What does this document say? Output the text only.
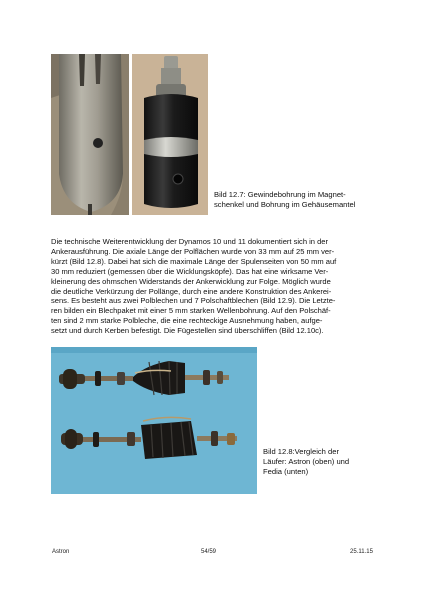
Bild 12.7: Gewindebohrung im Magnet-
schenkel und Bohrung im Gehäusemantel
Die technische Weiterentwicklung der Dynamos 10 und 11 dokumentiert sich in der
Ankerausführung. Die axiale Länge der Polflächen wurde von 33 mm auf 25 mm ver-
kürzt (Bild 12.8). Dabei hat sich die maximale Länge der Spulenseiten von 50 mm auf
30 mm reduziert (gemessen über die Wicklungsköpfe). Das hat eine wirksame Ver-
kleinerung des ohmschen Widerstands der Ankerwicklung zur Folge. Möglich wurde
die deutliche Verkürzung der Pollänge, durch eine andere Konstruktion des Ankerei-
sens. Es besteht aus zwei Polblechen und 7 Polschaftblechen (Bild 12.9). Die Letzte-
ren bilden ein Blechpaket mit einer 5 mm starken Wellenbohrung. Auf den Polschäf-
ten sind 2 mm starke Polbleche, die eine rechteckige Ausnehmung haben, aufge-
setzt und durch Kerben befestigt. Die Fügestellen sind überschliffen (Bild 12.10c).
Bild 12.8:Vergleich der
Läufer: Astron (oben) und
Fedia (unten)
Astron	54/59	25.11.15
